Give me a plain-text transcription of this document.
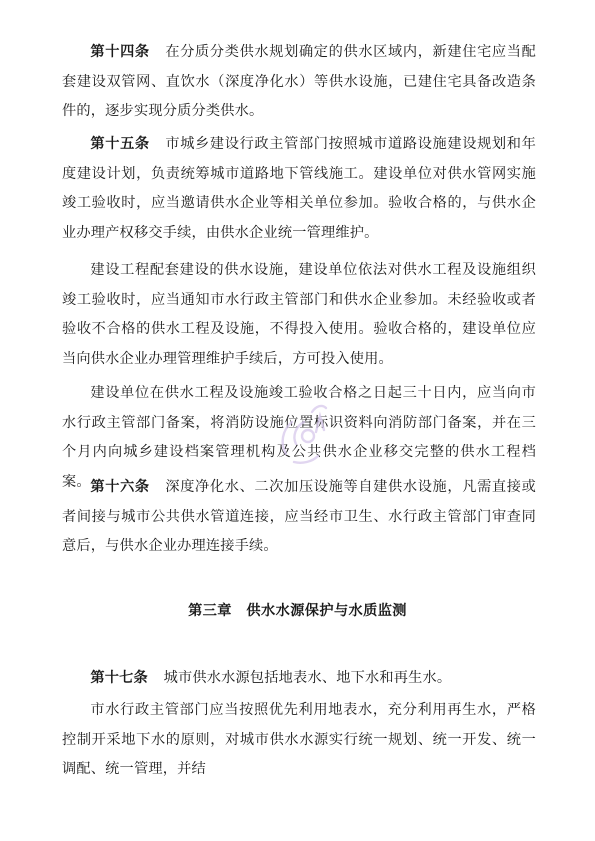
第十四条 在分质分类供水规划确定的供水区域内，新建住宅应当配套建设双管网、直饮水（深度净化水）等供水设施，已建住宅具备改造条件的，逐步实现分质分类供水。

第十五条 市城乡建设行政主管部门按照城市道路设施建设规划和年度建设计划，负责统筹城市道路地下管线施工。建设单位对供水管网实施竣工验收时，应当邀请供水企业等相关单位参加。验收合格的，与供水企业办理产权移交手续，由供水企业统一管理维护。

建设工程配套建设的供水设施，建设单位依法对供水工程及设施组织竣工验收时，应当通知市水行政主管部门和供水企业参加。未经验收或者验收不合格的供水工程及设施，不得投入使用。验收合格的，建设单位应当向供水企业办理管理维护手续后，方可投入使用。

建设单位在供水工程及设施竣工验收合格之日起三十日内，应当向市水行政主管部门备案，将消防设施位置标识资料向消防部门备案，并在三个月内向城乡建设档案管理机构及公共供水企业移交完整的供水工程档案。 第十六条 深度净化水、二次加压设施等自建供水设施，凡需直接或者间接与城市公共供水管道连接，应当经市卫生、水行政主管部门审查同意后，与供水企业办理连接手续。

第三章　供水水源保护与水质监测

第十七条 城市供水水源包括地表水、地下水和再生水。

市水行政主管部门应当按照优先利用地表水，充分利用再生水，严格控制开采地下水的原则，对城市供水水源实行统一规划、统一开发、统一调配、统一管理，并结
